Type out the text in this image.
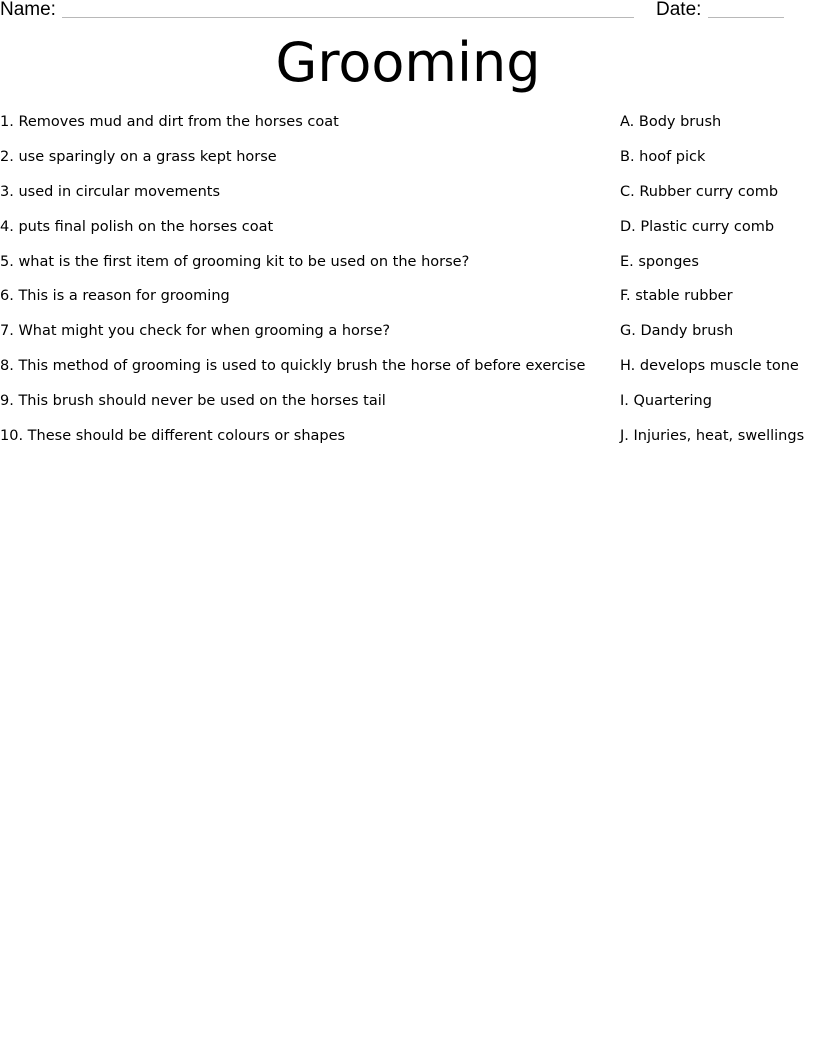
Name:	Date:
Grooming
1. Removes mud and dirt from the horses coat
2. use sparingly on a grass kept horse
3. used in circular movements
4. puts final polish on the horses coat
5. what is the first item of grooming kit to be used on the horse?
6. This is a reason for grooming
7. What might you check for when grooming a horse?
8. This method of grooming is used to quickly brush the horse of before exercise
9. This brush should never be used on the horses tail
10. These should be different colours or shapes
A. Body brush
B. hoof pick
C. Rubber curry comb
D. Plastic curry comb
E. sponges
F. stable rubber
G. Dandy brush
H. develops muscle tone
I. Quartering
J. Injuries, heat, swellings
